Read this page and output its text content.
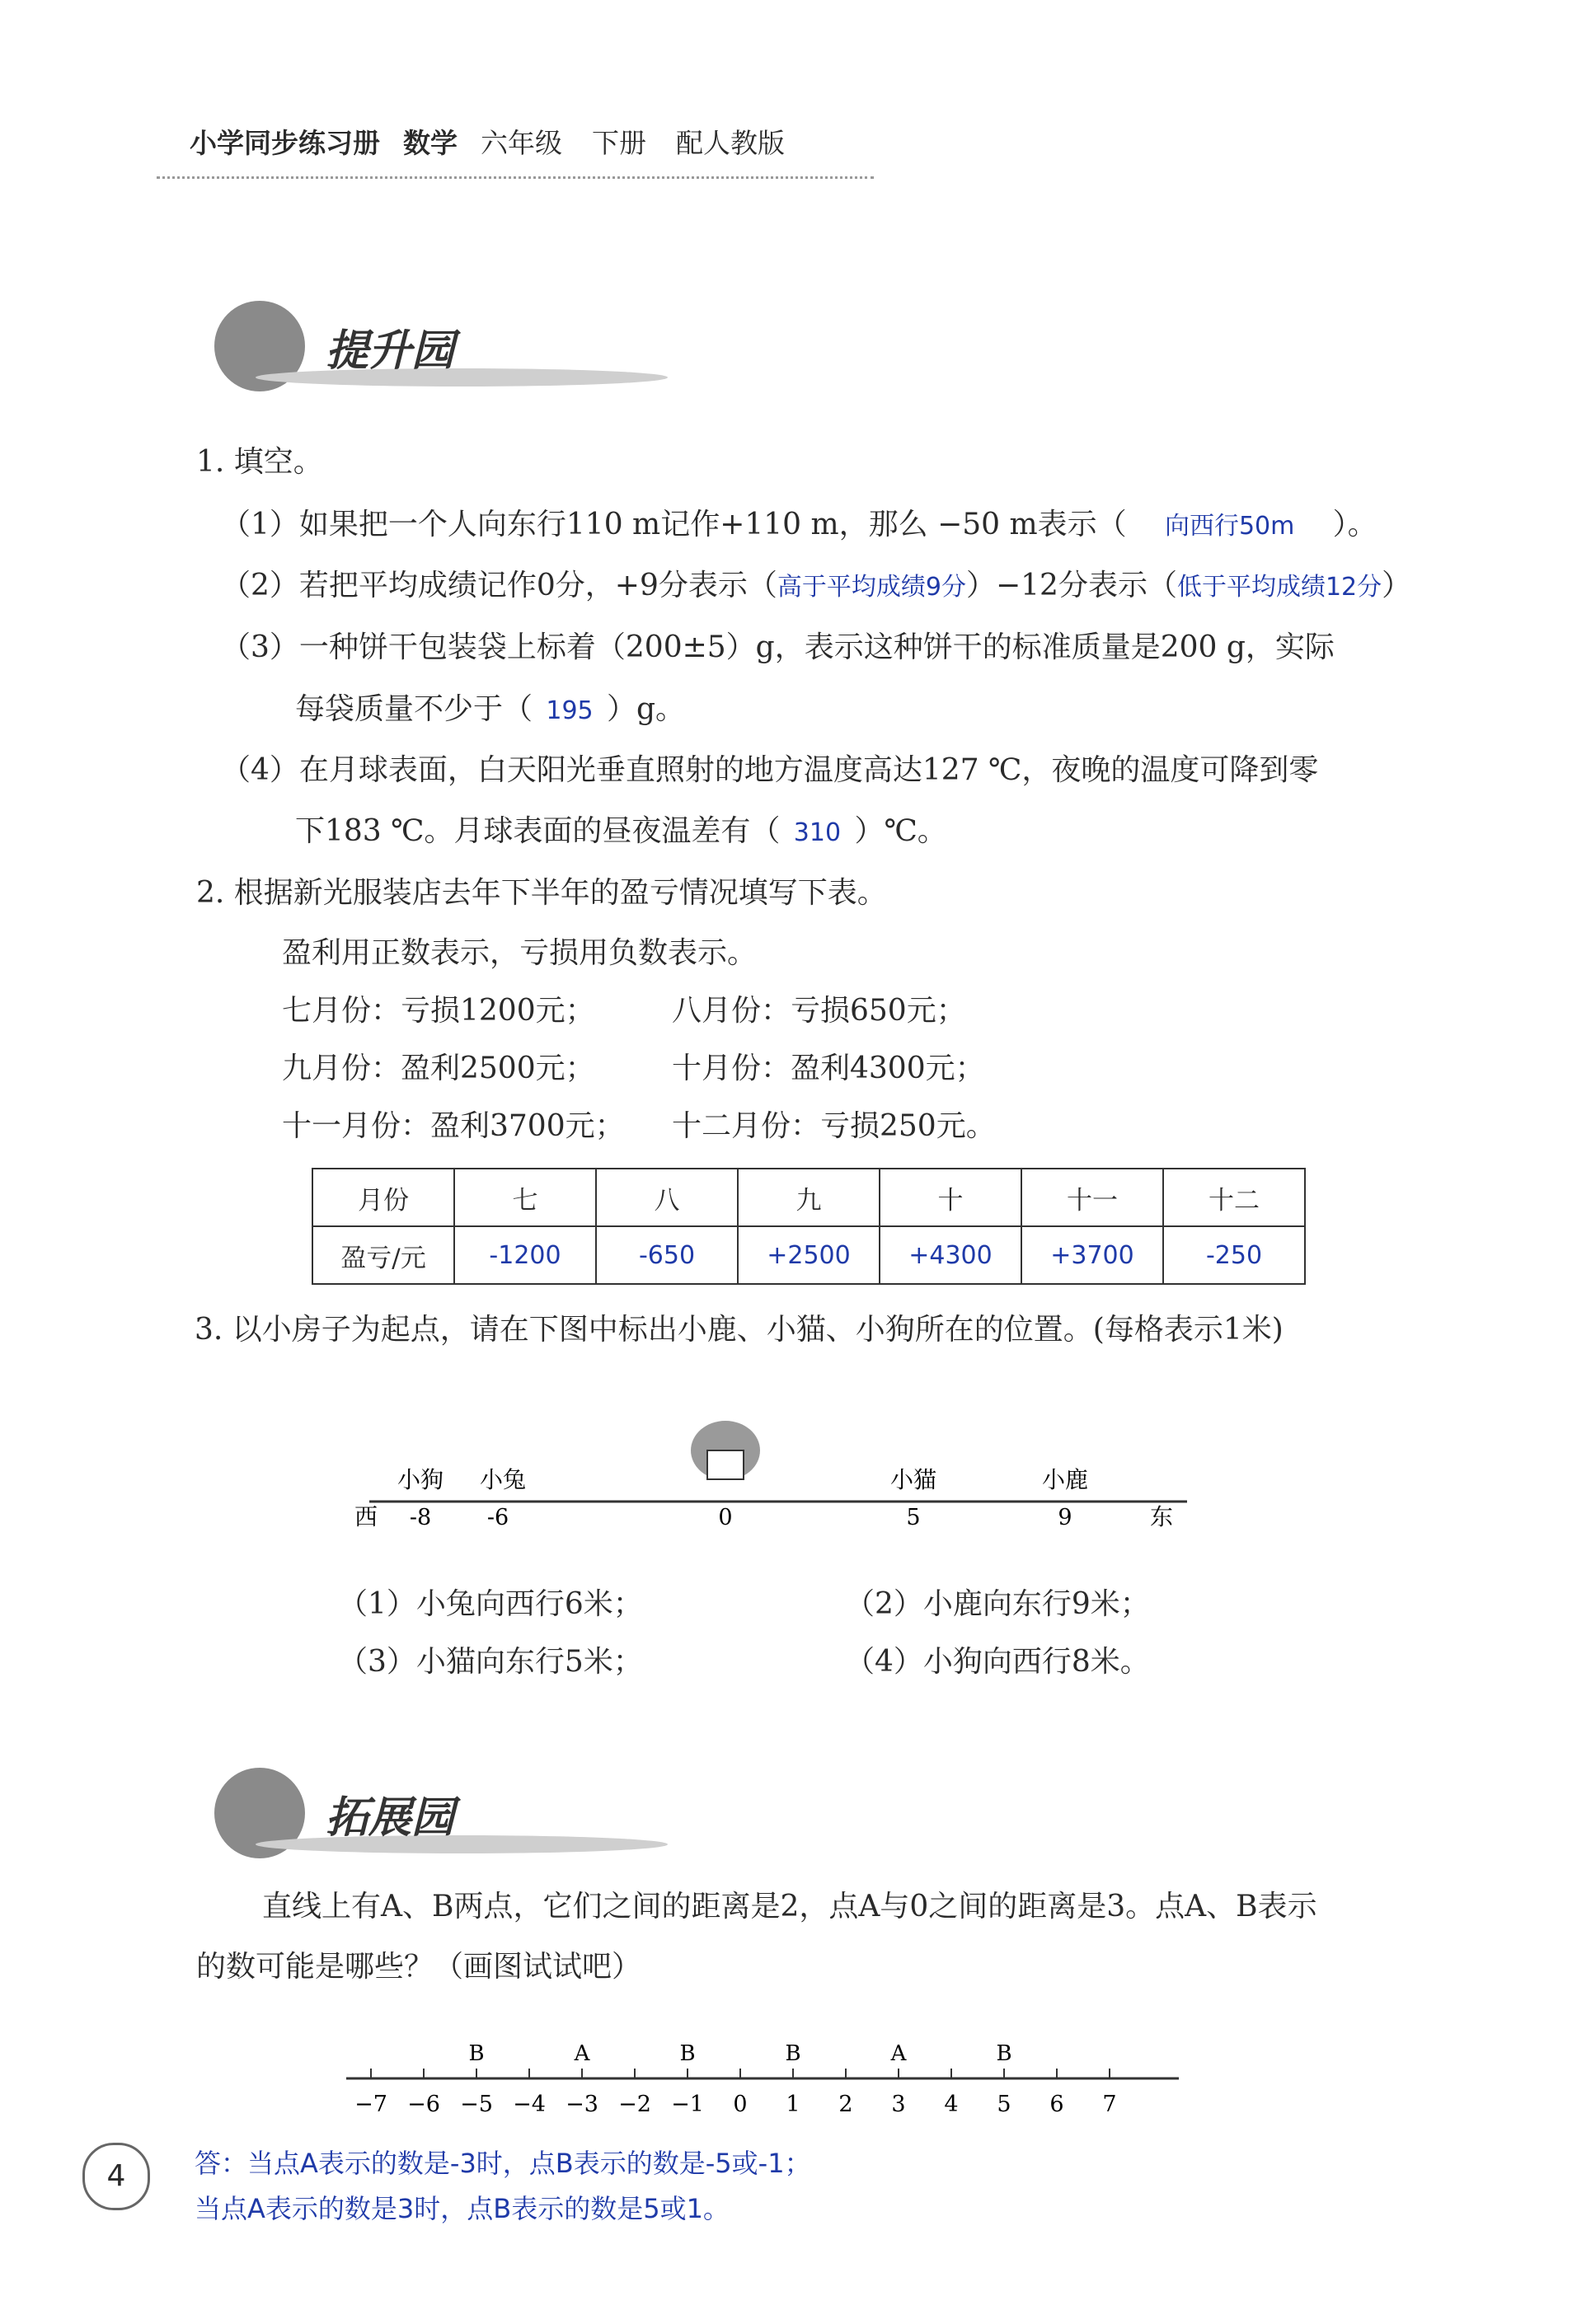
小学同步练习册 数学 六年级 下册 配人教版
提升园
1. 填空。
（1）如果把一个人向东行110 m记作+110 m，那么 −50 m表示（ 向西行50m ）。
（2）若把平均成绩记作0分，+9分表示（高于平均成绩9分）−12分表示（低于平均成绩12分）
（3）一种饼干包装袋上标着（200±5）g，表示这种饼干的标准质量是200 g，实际
每袋质量不少于（ 195 ）g。
（4）在月球表面，白天阳光垂直照射的地方温度高达127 ℃，夜晚的温度可降到零
下183 ℃。月球表面的昼夜温差有（ 310 ）℃。
2. 根据新光服装店去年下半年的盈亏情况填写下表。
盈利用正数表示，亏损用负数表示。
七月份：亏损1200元；	八月份：亏损650元；
九月份：盈利2500元；	十月份：盈利4300元；
十一月份：盈利3700元； 十二月份：亏损250元。
月份	七	八	九	十	十一	十二
盈亏/元	-1200	-650	+2500	+4300	+3700	-250
3. 以小房子为起点，请在下图中标出小鹿、小猫、小狗所在的位置。(每格表示1米)
西	东
-8	-6	0	5	9
小狗 小兔	小猫	小鹿
（1）小兔向西行6米；	（2）小鹿向东行9米；
（3）小猫向东行5米；	（4）小狗向西行8米。
拓展园
直线上有A、B两点，它们之间的距离是2，点A与0之间的距离是3。点A、B表示
的数可能是哪些？（画图试试吧）
−7 −6 −5 −4 −3 −2 −1 0 1 2 3 4 5 6 7
B	A	B	B	A	B
答：当点A表示的数是-3时，点B表示的数是-5或-1；
当点A表示的数是3时，点B表示的数是5或1。
4
